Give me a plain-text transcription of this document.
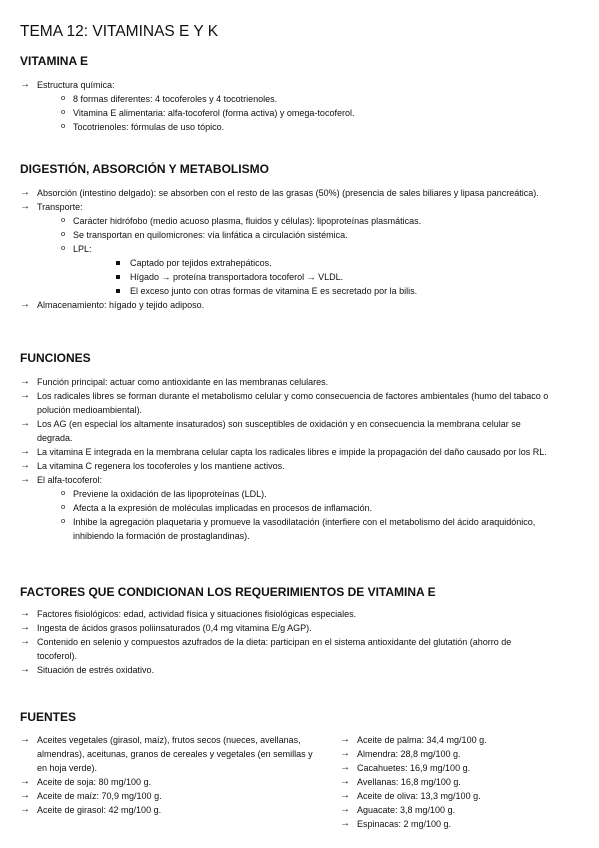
TEMA 12: VITAMINAS E Y K
VITAMINA E
→ Estructura química:
o 8 formas diferentes: 4 tocoferoles y 4 tocotrienoles.
o Vitamina E alimentaria: alfa-tocoferol (forma activa) y omega-tocoferol.
o Tocotrienoles: fórmulas de uso tópico.
DIGESTIÓN, ABSORCIÓN Y METABOLISMO
→ Absorción (intestino delgado): se absorben con el resto de las grasas (50%) (presencia de sales biliares y lipasa pancreática).
→ Transporte:
o Carácter hidrófobo (medio acuoso plasma, fluidos y células): lipoproteínas plasmáticas.
o Se transportan en quilomicrones: vía linfática a circulación sistémica.
o LPL:
Captado por tejidos extrahepáticos.
Hígado → proteína transportadora tocoferol → VLDL.
El exceso junto con otras formas de vitamina E es secretado por la bilis.
→ Almacenamiento: hígado y tejido adiposo.
FUNCIONES
→ Función principal: actuar como antioxidante en las membranas celulares.
→ Los radicales libres se forman durante el metabolismo celular y como consecuencia de factores ambientales (humo del tabaco o polución medioambiental).
→ Los AG (en especial los altamente insaturados) son susceptibles de oxidación y en consecuencia la membrana celular se degrada.
→ La vitamina E integrada en la membrana celular capta los radicales libres e impide la propagación del daño causado por los RL.
→ La vitamina C regenera los tocoferoles y los mantiene activos.
→ El alfa-tocoferol:
o Previene la oxidación de las lipoproteínas (LDL).
o Afecta a la expresión de moléculas implicadas en procesos de inflamación.
o Inhibe la agregación plaquetaria y promueve la vasodilatación (interfiere con el metabolismo del ácido araquidónico, inhibiendo la formación de prostaglandinas).
FACTORES QUE CONDICIONAN LOS REQUERIMIENTOS DE VITAMINA E
→ Factores fisiológicos: edad, actividad física y situaciones fisiológicas especiales.
→ Ingesta de ácidos grasos poliinsaturados (0,4 mg vitamina E/g AGP).
→ Contenido en selenio y compuestos azufrados de la dieta: participan en el sistema antioxidante del glutatión (ahorro de tocoferol).
→ Situación de estrés oxidativo.
FUENTES
→ Aceites vegetales (girasol, maíz), frutos secos (nueces, avellanas, almendras), aceitunas, granos de cereales y vegetales (en semillas y en hoja verde).
→ Aceite de soja: 80 mg/100 g.
→ Aceite de maíz: 70,9 mg/100 g.
→ Aceite de girasol: 42 mg/100 g.
→ Aceite de palma: 34,4 mg/100 g.
→ Almendra: 28,8 mg/100 g.
→ Cacahuetes: 16,9 mg/100 g.
→ Avellanas: 16,8 mg/100 g.
→ Aceite de oliva: 13,3 mg/100 g.
→ Aguacate: 3,8 mg/100 g.
→ Espinacas: 2 mg/100 g.
